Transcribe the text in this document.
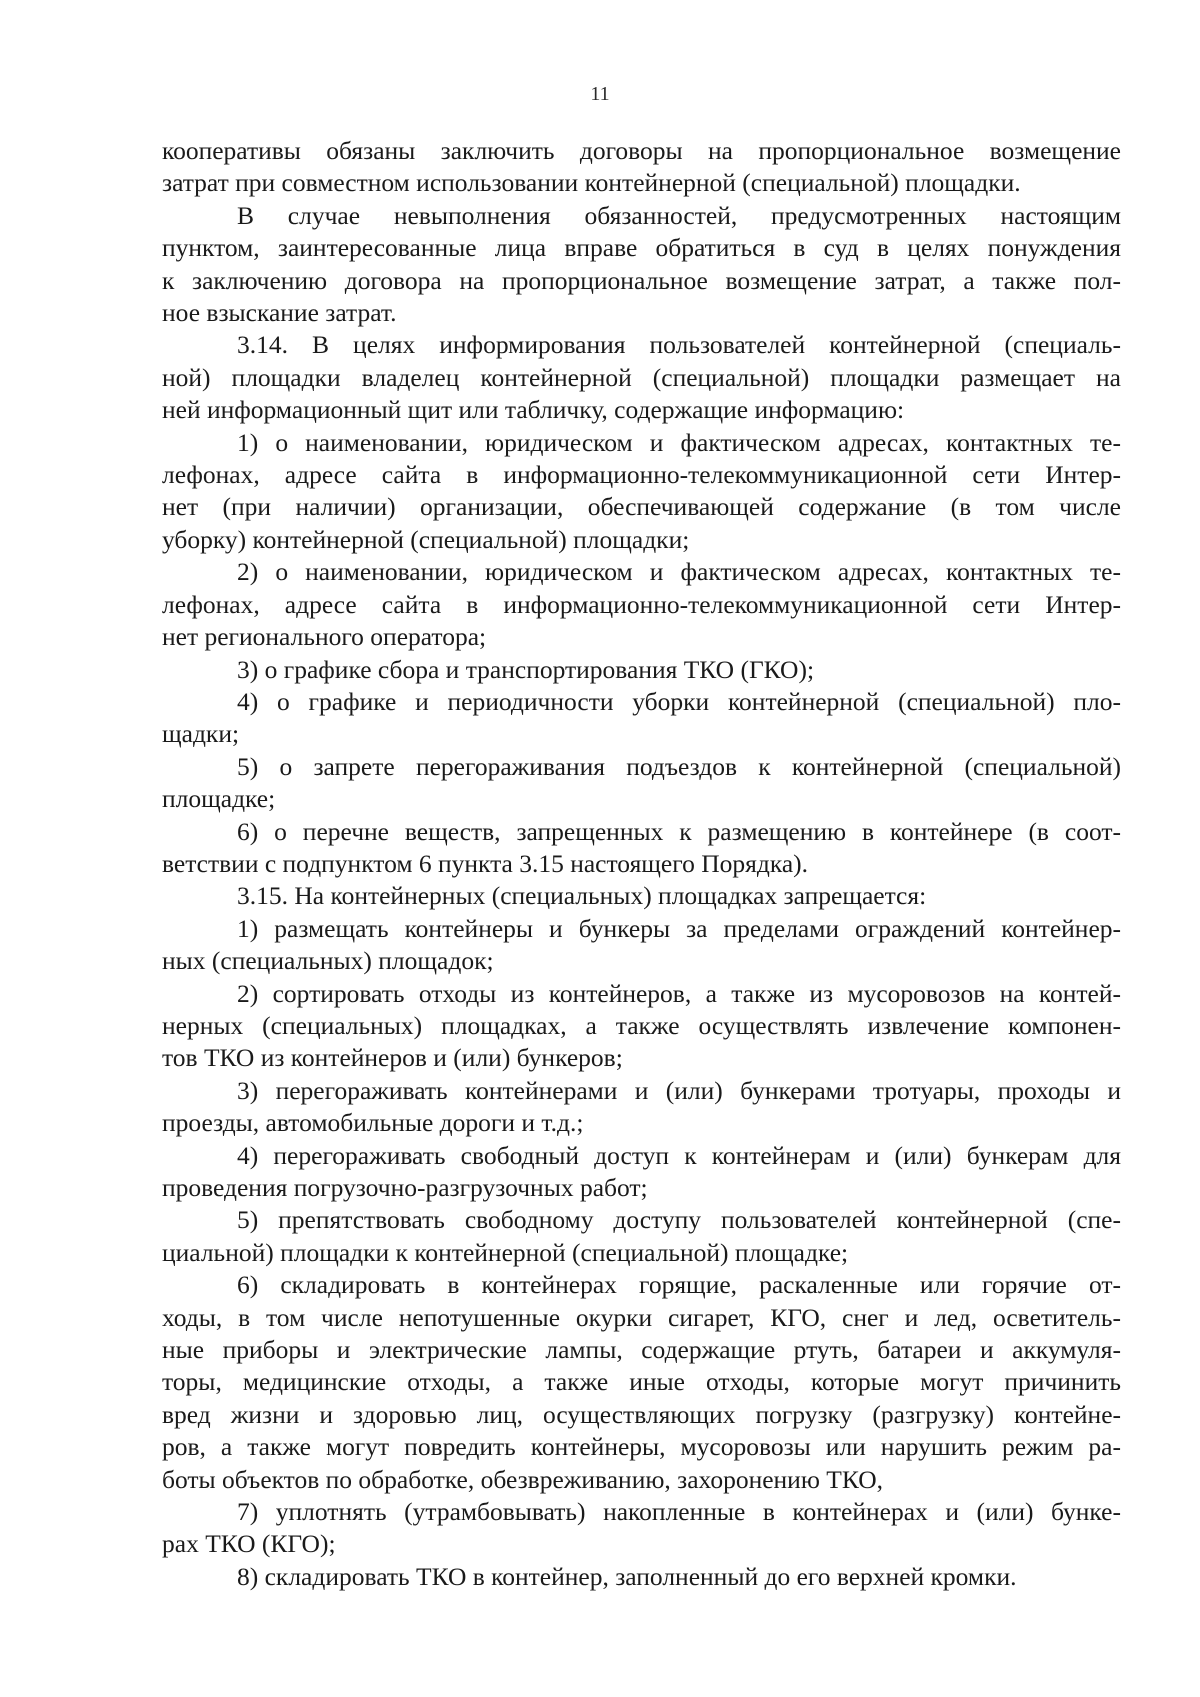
11

кооперативы обязаны заключить договоры на пропорциональное возмещение
затрат при совместном использовании контейнерной (специальной) площадки.

В случае невыполнения обязанностей, предусмотренных настоящим
пунктом, заинтересованные лица вправе обратиться в суд в целях понуждения
к заключению договора на пропорциональное возмещение затрат, а также пол-
ное взыскание затрат.

3.14. В целях информирования пользователей контейнерной (специаль-
ной) площадки владелец контейнерной (специальной) площадки размещает на
ней информационный щит или табличку, содержащие информацию:

1) о наименовании, юридическом и фактическом адресах, контактных те-
лефонах, адресе сайта в информационно-телекоммуникационной сети Интер-
нет (при наличии) организации, обеспечивающей содержание (в том числе
уборку) контейнерной (специальной) площадки;

2) о наименовании, юридическом и фактическом адресах, контактных те-
лефонах, адресе сайта в информационно-телекоммуникационной сети Интер-
нет регионального оператора;

3) о графике сбора и транспортирования ТКО (ГКО);

4) о графике и периодичности уборки контейнерной (специальной) пло-
щадки;

5) о запрете перегораживания подъездов к контейнерной (специальной)
площадке;

6) о перечне веществ, запрещенных к размещению в контейнере (в соот-
ветствии с подпунктом 6 пункта 3.15 настоящего Порядка).

3.15. На контейнерных (специальных) площадках запрещается:

1) размещать контейнеры и бункеры за пределами ограждений контейнер-
ных (специальных) площадок;

2) сортировать отходы из контейнеров, а также из мусоровозов на контей-
нерных (специальных) площадках, а также осуществлять извлечение компонен-
тов ТКО из контейнеров и (или) бункеров;

3) перегораживать контейнерами и (или) бункерами тротуары, проходы и
проезды, автомобильные дороги и т.д.;

4) перегораживать свободный доступ к контейнерам и (или) бункерам для
проведения погрузочно-разгрузочных работ;

5) препятствовать свободному доступу пользователей контейнерной (спе-
циальной) площадки к контейнерной (специальной) площадке;

6) складировать в контейнерах горящие, раскаленные или горячие от-
ходы, в том числе непотушенные окурки сигарет, КГО, снег и лед, осветитель-
ные приборы и электрические лампы, содержащие ртуть, батареи и аккумуля-
торы, медицинские отходы, а также иные отходы, которые могут причинить
вред жизни и здоровью лиц, осуществляющих погрузку (разгрузку) контейне-
ров, а также могут повредить контейнеры, мусоровозы или нарушить режим ра-
боты объектов по обработке, обезвреживанию, захоронению ТКО,

7) уплотнять (утрамбовывать) накопленные в контейнерах и (или) бунке-
рах ТКО (КГО);

8) складировать ТКО в контейнер, заполненный до его верхней кромки.
